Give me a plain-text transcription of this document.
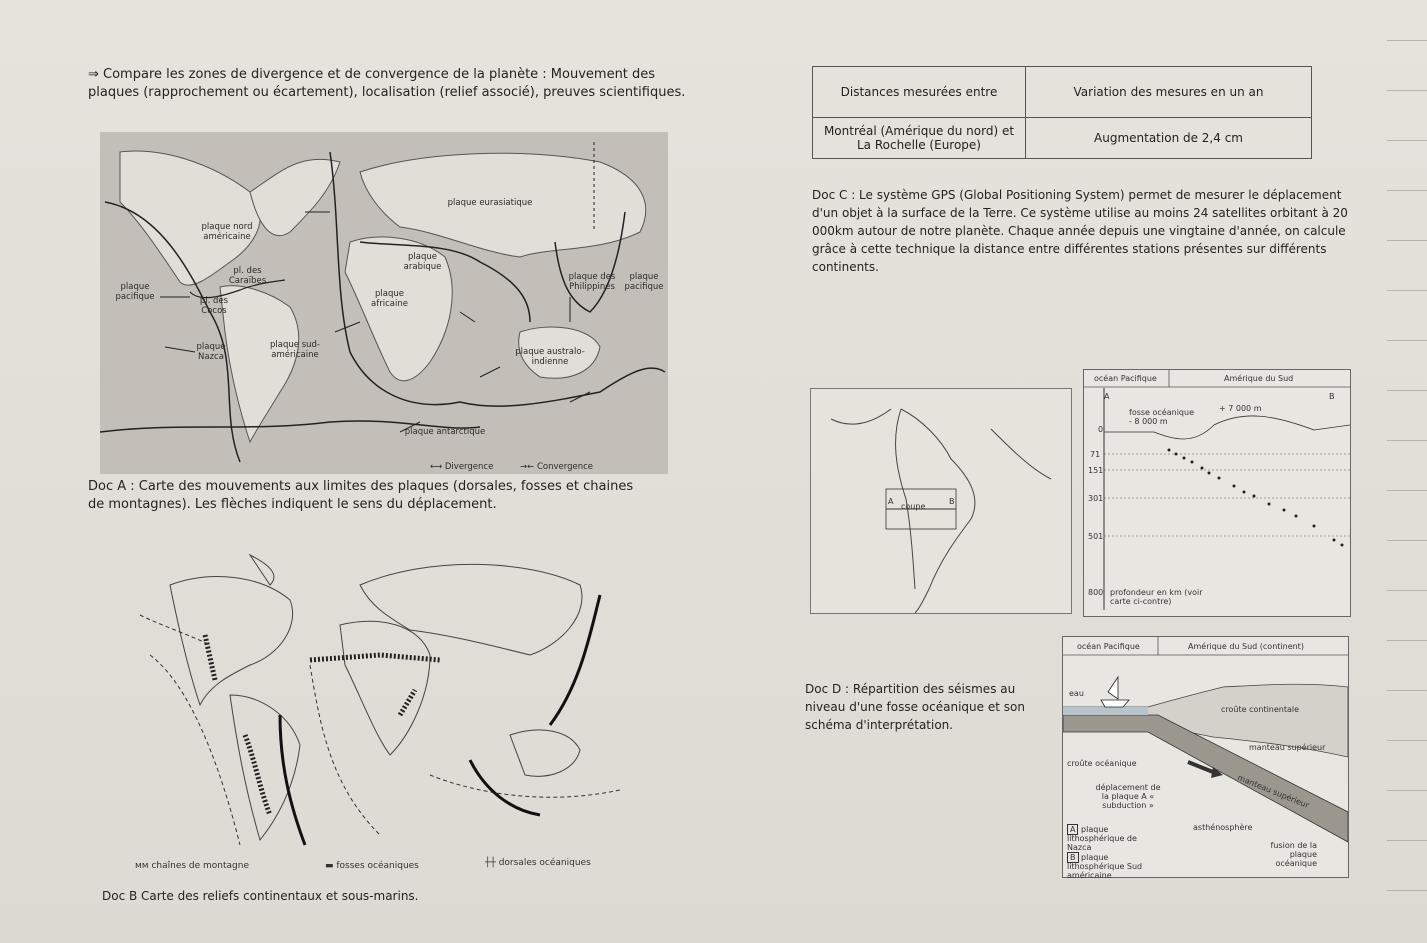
⇒ Compare les zones de divergence et de convergence de la planète : Mouvement des plaques (rapprochement ou écartement), localisation (relief associé), preuves scientifiques.
plaque eurasiatique
plaque nord américaine
plaque arabique
pl. des Caraïbes
plaque pacifique	pl. des Cocos
plaque africaine
plaque des Philippines
plaque pacifique
plaque Nazca
plaque sud-américaine	plaque australo-indienne
plaque antarctique
⟷ Divergence	→← Convergence
Doc A : Carte des mouvements aux limites des plaques (dorsales, fosses et chaines de montagnes). Les flèches indiquent le sens du déplacement.
ᴍᴍ chaînes de montagne	▬ fosses océaniques	┼┼ dorsales océaniques
Doc B Carte des reliefs continentaux et sous-marins.
Distances mesurées entre	Variation des mesures en un an
Montréal (Amérique du nord) et La Rochelle (Europe)	Augmentation de 2,4 cm
Doc C : Le système GPS (Global Positioning System) permet de mesurer le déplacement d'un objet à la surface de la Terre. Ce système utilise au moins 24 satellites orbitant à 20 000km autour de notre planète. Chaque année depuis une vingtaine d'année, on calcule grâce à cette technique la distance entre différentes stations présentes sur différents continents.
A
coupe
B
océan Pacifique	Amérique du Sud
A	B
fosse océanique - 8 000 m
+ 7 000 m
0
71
151
301
501
800 profondeur en km (voir carte ci-contre)
océan Pacifique	Amérique du Sud (continent)
eau
croûte continentale
manteau supérieur
croûte océanique
déplacement de la plaque A « subduction »	manteau supérieur
asthénosphère
A plaque lithosphérique de Nazca
B plaque lithosphérique Sud américaine
fusion de la plaque océanique
Doc D : Répartition des séismes au niveau d'une fosse océanique et son schéma d'interprétation.
